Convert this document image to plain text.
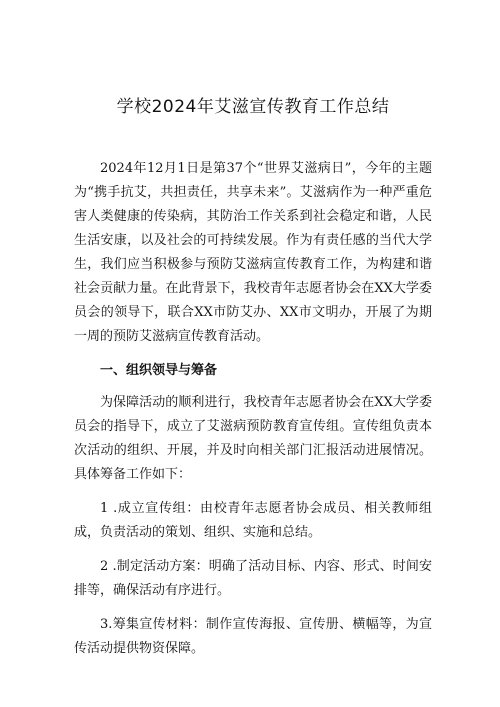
学校2024年艾滋宣传教育工作总结

2024年12月1日是第37个“世界艾滋病日”，今年的主题为“携手抗艾，共担责任，共享未来”。艾滋病作为一种严重危害人类健康的传染病，其防治工作关系到社会稳定和谐，人民生活安康，以及社会的可持续发展。作为有责任感的当代大学生，我们应当积极参与预防艾滋病宣传教育工作，为构建和谐社会贡献力量。在此背景下，我校青年志愿者协会在XX大学委员会的领导下，联合XX市防艾办、XX市文明办，开展了为期一周的预防艾滋病宣传教育活动。

一、组织领导与筹备

为保障活动的顺利进行，我校青年志愿者协会在XX大学委员会的指导下，成立了艾滋病预防教育宣传组。宣传组负责本次活动的组织、开展，并及时向相关部门汇报活动进展情况。具体筹备工作如下：

1 .成立宣传组：由校青年志愿者协会成员、相关教师组成，负责活动的策划、组织、实施和总结。

2 .制定活动方案：明确了活动目标、内容、形式、时间安排等，确保活动有序进行。

3.筹集宣传材料：制作宣传海报、宣传册、横幅等，为宣传活动提供物资保障。
